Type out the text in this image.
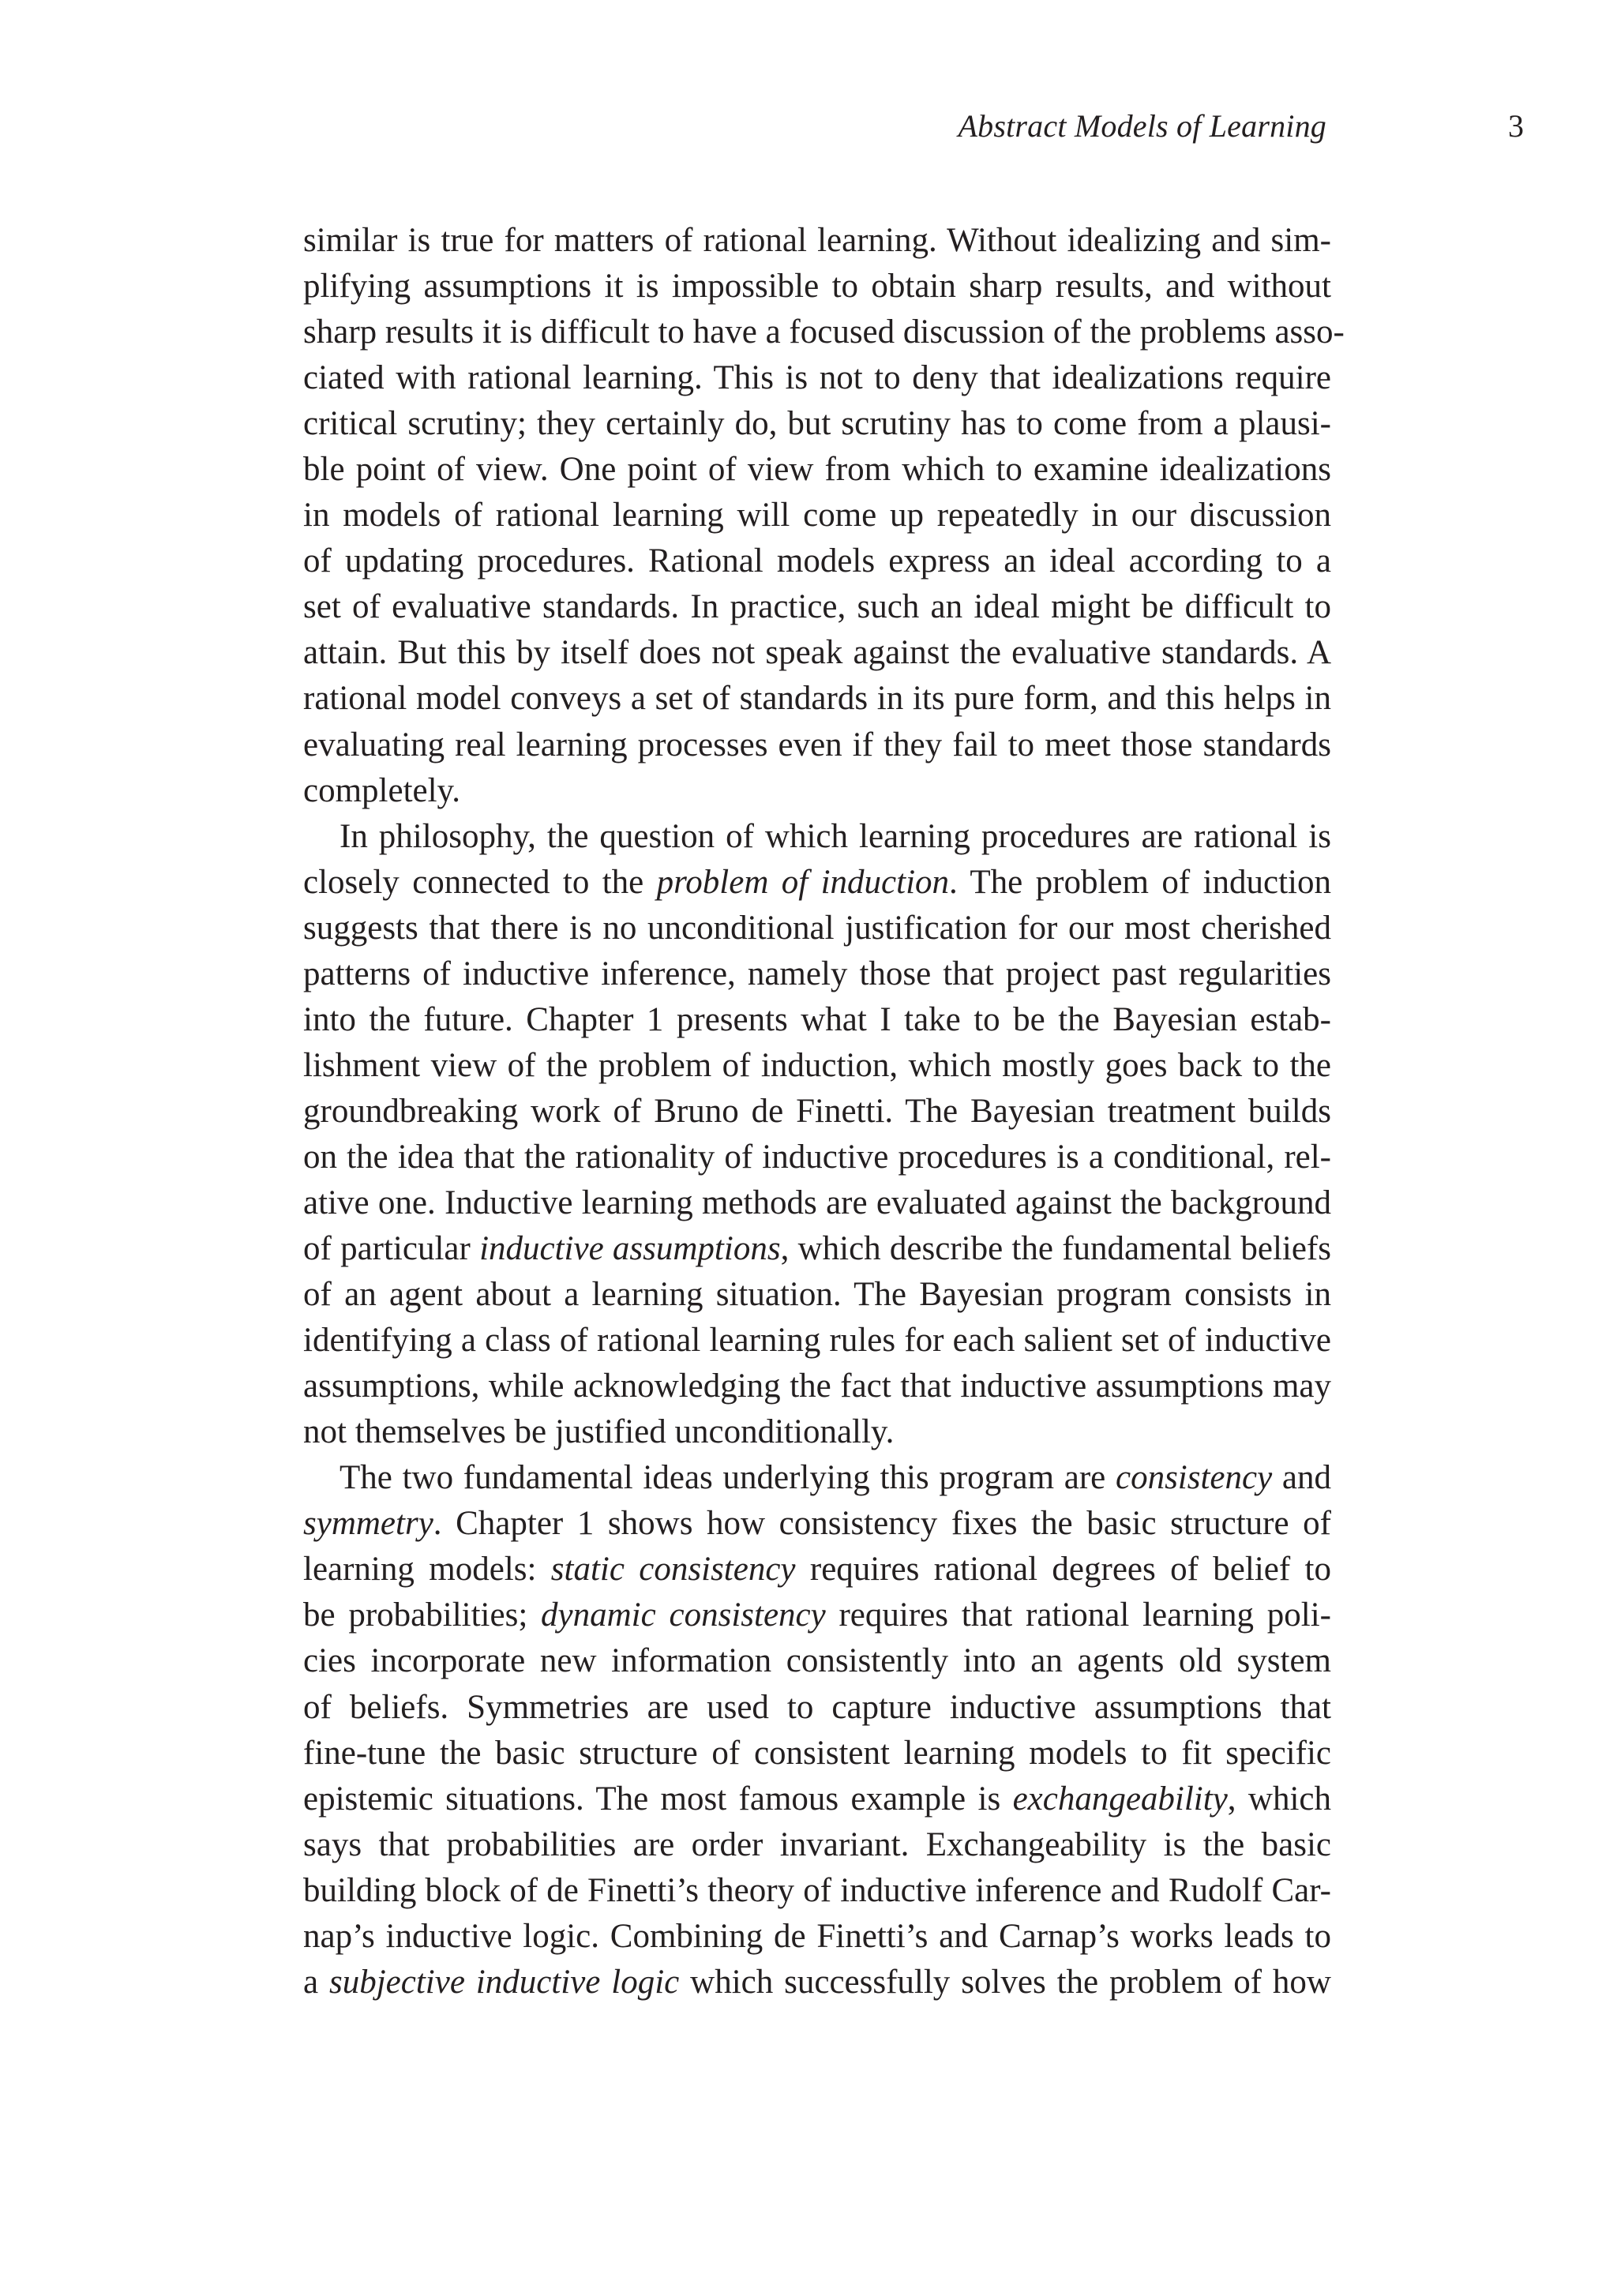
Abstract Models of Learning	3
similar is true for matters of rational learning. Without idealizing and sim-
plifying assumptions it is impossible to obtain sharp results, and without
sharp results it is difficult to have a focused discussion of the problems asso-
ciated with rational learning. This is not to deny that idealizations require
critical scrutiny; they certainly do, but scrutiny has to come from a plausi-
ble point of view. One point of view from which to examine idealizations
in models of rational learning will come up repeatedly in our discussion
of updating procedures. Rational models express an ideal according to a
set of evaluative standards. In practice, such an ideal might be difficult to
attain. But this by itself does not speak against the evaluative standards. A
rational model conveys a set of standards in its pure form, and this helps in
evaluating real learning processes even if they fail to meet those standards
completely.
In philosophy, the question of which learning procedures are rational is
closely connected to the problem of induction. The problem of induction
suggests that there is no unconditional justification for our most cherished
patterns of inductive inference, namely those that project past regularities
into the future. Chapter 1 presents what I take to be the Bayesian estab-
lishment view of the problem of induction, which mostly goes back to the
groundbreaking work of Bruno de Finetti. The Bayesian treatment builds
on the idea that the rationality of inductive procedures is a conditional, rel-
ative one. Inductive learning methods are evaluated against the background
of particular inductive assumptions, which describe the fundamental beliefs
of an agent about a learning situation. The Bayesian program consists in
identifying a class of rational learning rules for each salient set of inductive
assumptions, while acknowledging the fact that inductive assumptions may
not themselves be justified unconditionally.
The two fundamental ideas underlying this program are consistency and
symmetry. Chapter 1 shows how consistency fixes the basic structure of
learning models: static consistency requires rational degrees of belief to
be probabilities; dynamic consistency requires that rational learning poli-
cies incorporate new information consistently into an agents old system
of beliefs. Symmetries are used to capture inductive assumptions that
fine-tune the basic structure of consistent learning models to fit specific
epistemic situations. The most famous example is exchangeability, which
says that probabilities are order invariant. Exchangeability is the basic
building block of de Finetti’s theory of inductive inference and Rudolf Car-
nap’s inductive logic. Combining de Finetti’s and Carnap’s works leads to
a subjective inductive logic which successfully solves the problem of how
